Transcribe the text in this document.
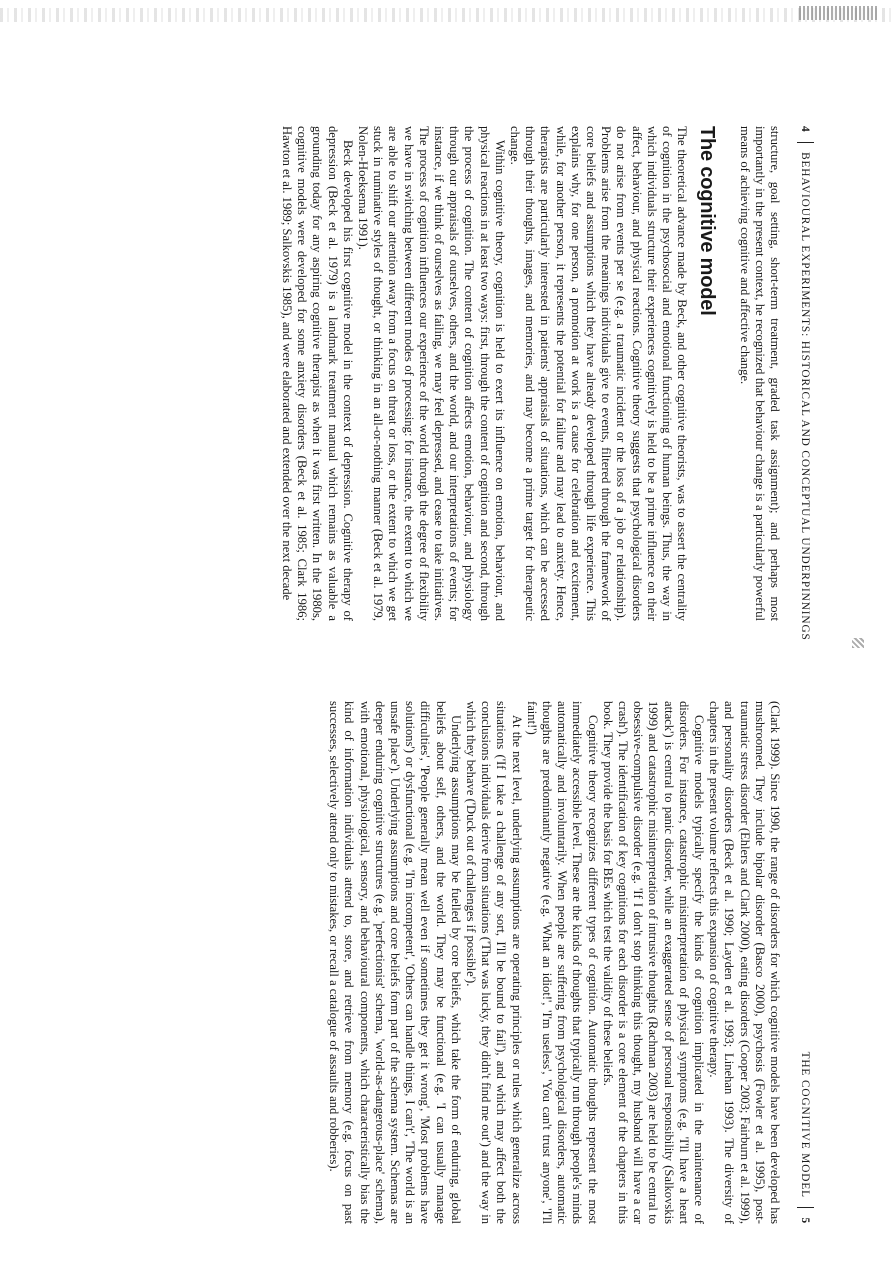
4
BEHAVIOURAL EXPERIMENTS: HISTORICAL AND CONCEPTUAL UNDERPINNINGS
THE COGNITIVE MODEL
5

structure, goal setting, short-term treatment, graded task assignment); and perhaps most importantly in the present context, he recognized that behaviour change is a particularly powerful means of achieving cognitive and affective change.

The cognitive model

The theoretical advance made by Beck, and other cognitive theorists, was to assert the centrality of cognition in the psychosocial and emotional functioning of human beings. Thus, the way in which individuals structure their experiences cognitively is held to be a prime influence on their affect, behaviour, and physical reactions. Cognitive theory suggests that psychological disorders do not arise from events per se (e.g. a traumatic incident or the loss of a job or relationship). Problems arise from the meanings individuals give to events, filtered through the framework of core beliefs and assumptions which they have already developed through life experience. This explains why, for one person, a promotion at work is a cause for celebration and excitement, while, for another person, it represents the potential for failure and may lead to anxiety. Hence, therapists are particularly interested in patients' appraisals of situations, which can be accessed through their thoughts, images, and memories, and may become a prime target for therapeutic change.

Within cognitive theory, cognition is held to exert its influence on emotion, behaviour, and physical reactions in at least two ways: first, through the content of cognition and second, through the process of cognition. The content of cognition affects emotion, behaviour, and physiology through our appraisals of ourselves, others, and the world, and our interpretations of events; for instance, if we think of ourselves as failing, we may feel depressed, and cease to take initiatives. The process of cognition influences our experience of the world through the degree of flexibility we have in switching between different modes of processing: for instance, the extent to which we are able to shift our attention away from a focus on threat or loss, or the extent to which we get stuck in ruminative styles of thought, or thinking in an all-or-nothing manner (Beck et al. 1979, Nolen-Hoeksema 1991).

Beck developed his first cognitive model in the context of depression. Cognitive therapy of depression (Beck et al. 1979) is a landmark treatment manual which remains as valuable a grounding today for any aspiring cognitive therapist as when it was first written. In the 1980s, cognitive models were developed for some anxiety disorders (Beck et al. 1985; Clark 1986; Hawton et al. 1989; Salkovskis 1985), and were elaborated and extended over the next decade

(Clark 1999). Since 1990, the range of disorders for which cognitive models have been developed has mushroomed. They include bipolar disorder (Basco 2000), psychosis (Fowler et al. 1995), post-traumatic stress disorder (Ehlers and Clark 2000), eating disorders (Cooper 2003; Fairburn et al. 1999), and personality disorders (Beck et al. 1990; Layden et al. 1993; Linehan 1993). The diversity of chapters in the present volume reflects this expansion of cognitive therapy.

Cognitive models typically specify the kinds of cognition implicated in the maintenance of disorders. For instance, catastrophic misinterpretation of physical symptoms (e.g. 'I'll have a heart attack') is central to panic disorder, while an exaggerated sense of personal responsibility (Salkovskis 1999) and catastrophic misinterpretation of intrusive thoughts (Rachman 2003) are held to be central to obsessive-compulsive disorder (e.g. 'If I don't stop thinking this thought, my husband will have a car crash'). The identification of key cognitions for each disorder is a core element of the chapters in this book. They provide the basis for BEs which test the validity of these beliefs.

Cognitive theory recognizes different types of cognition. Automatic thoughts represent the most immediately accessible level. These are the kinds of thoughts that typically run through people's minds automatically and involuntarily. When people are suffering from psychological disorders, automatic thoughts are predominantly negative (e.g. 'What an idiot!', 'I'm useless', 'You can't trust anyone', 'I'll faint!')

At the next level, underlying assumptions are operating principles or rules which generalize across situations ('If I take a challenge of any sort, I'll be bound to fail'), and which may affect both the conclusions individuals derive from situations ('That was lucky, they didn't find me out') and the way in which they behave ('Duck out of challenges if possible').

Underlying assumptions may be fuelled by core beliefs, which take the form of enduring, global beliefs about self, others, and the world. They may be functional (e.g. 'I can usually manage difficulties', 'People generally mean well even if sometimes they get it wrong', 'Most problems have solutions') or dysfunctional (e.g. 'I'm incompetent', 'Others can handle things, I can't', 'The world is an unsafe place'). Underlying assumptions and core beliefs form part of the schema system. Schemas are deeper enduring cognitive structures (e.g. 'perfectionist' schema, 'world-as-dangerous-place' schema), with emotional, physiological, sensory, and behavioural components, which characteristically bias the kind of information individuals attend to, store, and retrieve from memory (e.g. focus on past successes, selectively attend only to mistakes, or recall a catalogue of assaults and robberies).
